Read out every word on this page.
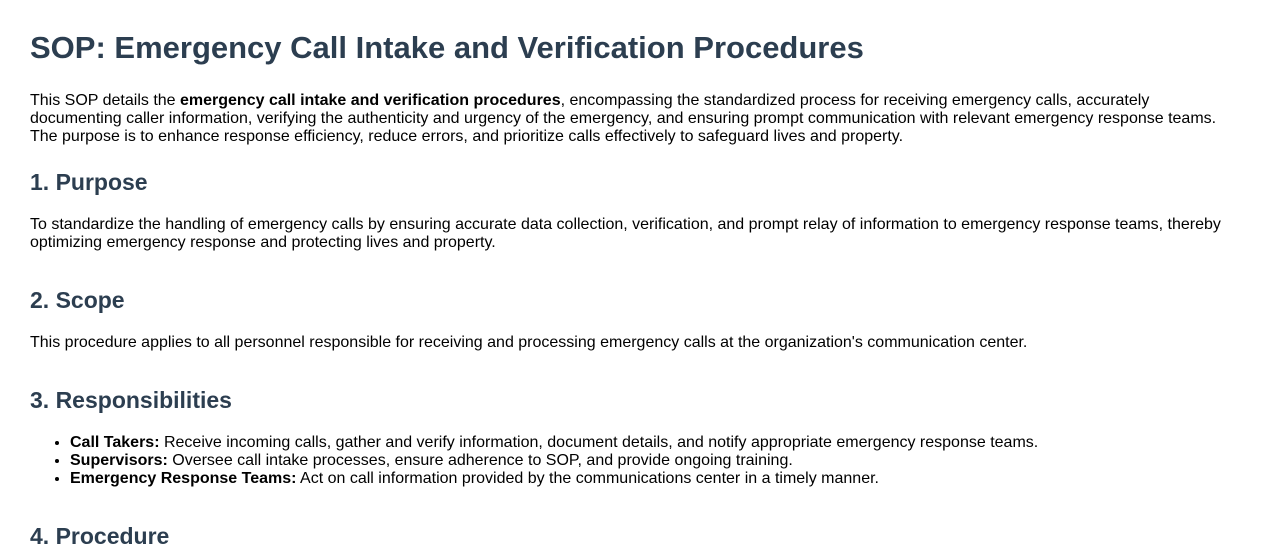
SOP: Emergency Call Intake and Verification Procedures

This SOP details the emergency call intake and verification procedures, encompassing the standardized process for receiving emergency calls, accurately documenting caller information, verifying the authenticity and urgency of the emergency, and ensuring prompt communication with relevant emergency response teams. The purpose is to enhance response efficiency, reduce errors, and prioritize calls effectively to safeguard lives and property.

1. Purpose

To standardize the handling of emergency calls by ensuring accurate data collection, verification, and prompt relay of information to emergency response teams, thereby optimizing emergency response and protecting lives and property.

2. Scope

This procedure applies to all personnel responsible for receiving and processing emergency calls at the organization's communication center.

3. Responsibilities
• Call Takers: Receive incoming calls, gather and verify information, document details, and notify appropriate emergency response teams.
• Supervisors: Oversee call intake processes, ensure adherence to SOP, and provide ongoing training.
• Emergency Response Teams: Act on call information provided by the communications center in a timely manner.
4. Procedure
